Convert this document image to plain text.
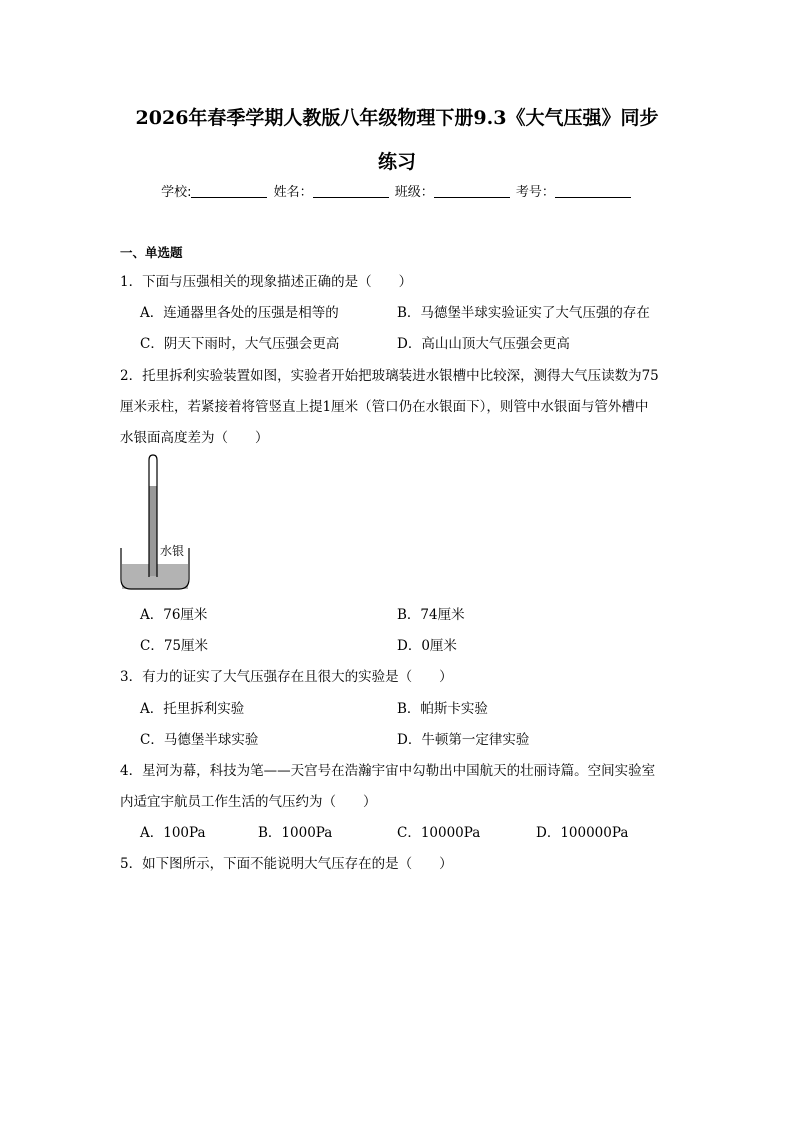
2026年春季学期人教版八年级物理下册9.3《大气压强》同步
练习
学校:	姓名：	班级：	考号：
一、单选题
1．下面与压强相关的现象描述正确的是（　　）
A．连通器里各处的压强是相等的	B．马德堡半球实验证实了大气压强的存在
C．阴天下雨时，大气压强会更高	D．高山山顶大气压强会更高
2．托里拆利实验装置如图，实验者开始把玻璃装进水银槽中比较深，测得大气压读数为75
厘米汞柱，若紧接着将管竖直上提1厘米（管口仍在水银面下），则管中水银面与管外槽中
水银面高度差为（　　）
水银
A．76厘米	B．74厘米
C．75厘米	D．0厘米
3．有力的证实了大气压强存在且很大的实验是（　　）
A．托里拆利实验	B．帕斯卡实验
C．马德堡半球实验	D．牛顿第一定律实验
4．星河为幕，科技为笔——天宫号在浩瀚宇宙中勾勒出中国航天的壮丽诗篇。空间实验室
内适宜宇航员工作生活的气压约为（　　）
A．100Pa	B．1000Pa	C．10000Pa	D．100000Pa
5．如下图所示，下面不能说明大气压存在的是（　　）
